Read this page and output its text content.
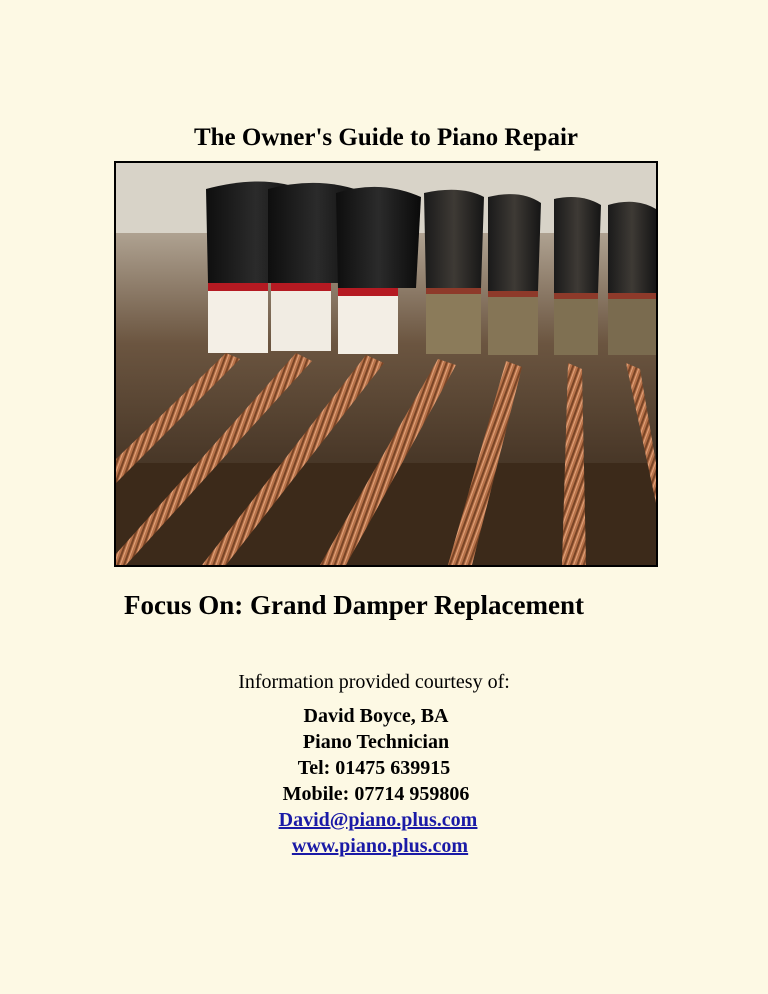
The Owner's Guide to Piano Repair
Focus On: Grand Damper Replacement
Information provided courtesy of:
David Boyce, BA
Piano Technician
Tel: 01475 639915
Mobile: 07714 959806
David@piano.plus.com
www.piano.plus.com
